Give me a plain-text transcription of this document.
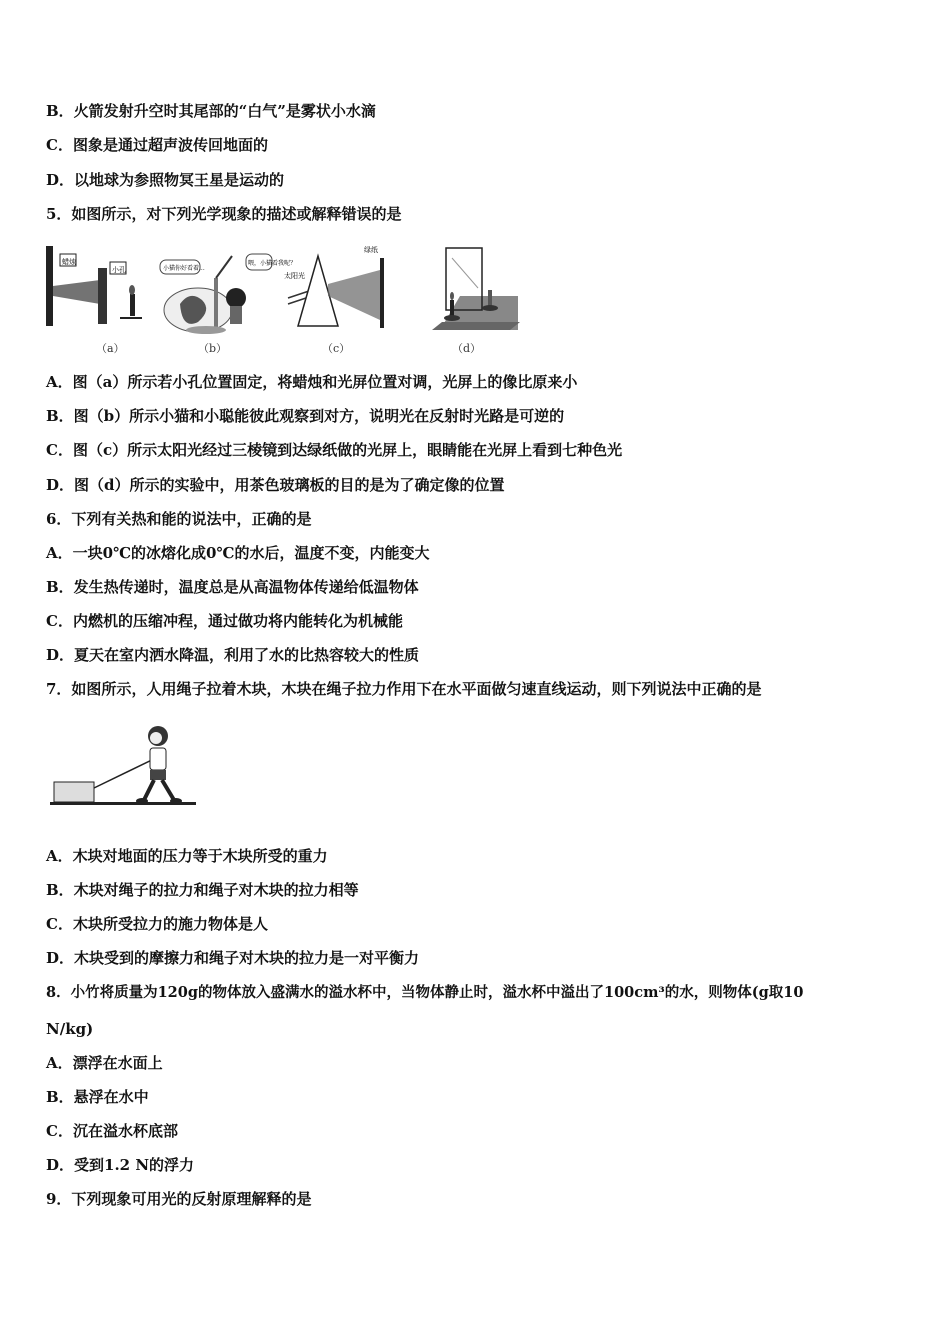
B．火箭发射升空时其尾部的“白气”是雾状小水滴
C．图象是通过超声波传回地面的
D．以地球为参照物冥王星是运动的
5．如图所示，对下列光学现象的描述或解释错误的是
蜡烛
小孔	小猫你好看着...
喂，小猫看我呢？
太阳光
绿纸
（a）	（b）	（c）	（d）
A．图（a）所示若小孔位置固定，将蜡烛和光屏位置对调，光屏上的像比原来小
B．图（b）所示小猫和小聪能彼此观察到对方，说明光在反射时光路是可逆的
C．图（c）所示太阳光经过三棱镜到达绿纸做的光屏上，眼睛能在光屏上看到七种色光
D．图（d）所示的实验中，用茶色玻璃板的目的是为了确定像的位置
6．下列有关热和能的说法中，正确的是
A．一块0℃的冰熔化成0℃的水后，温度不变，内能变大
B．发生热传递时，温度总是从高温物体传递给低温物体
C．内燃机的压缩冲程，通过做功将内能转化为机械能
D．夏天在室内洒水降温，利用了水的比热容较大的性质
7．如图所示，人用绳子拉着木块，木块在绳子拉力作用下在水平面做匀速直线运动，则下列说法中正确的是
A．木块对地面的压力等于木块所受的重力
B．木块对绳子的拉力和绳子对木块的拉力相等
C．木块所受拉力的施力物体是人
D．木块受到的摩擦力和绳子对木块的拉力是一对平衡力
8．小竹将质量为120g的物体放入盛满水的溢水杯中，当物体静止时，溢水杯中溢出了100cm³的水，则物体(g取10
N/kg)
A．漂浮在水面上
B．悬浮在水中
C．沉在溢水杯底部
D．受到1.2 N的浮力
9．下列现象可用光的反射原理解释的是
